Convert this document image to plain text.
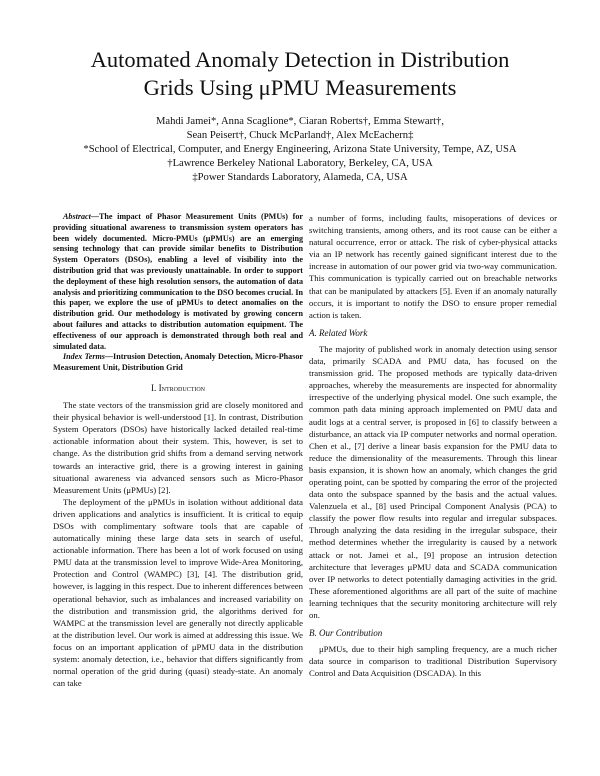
Automated Anomaly Detection in Distribution
Grids Using μPMU Measurements
Mahdi Jamei*, Anna Scaglione*, Ciaran Roberts†, Emma Stewart†,
Sean Peisert†, Chuck McParland†, Alex McEachern‡
*School of Electrical, Computer, and Energy Engineering, Arizona State University, Tempe, AZ, USA
†Lawrence Berkeley National Laboratory, Berkeley, CA, USA
‡Power Standards Laboratory, Alameda, CA, USA

Abstract—The impact of Phasor Measurement Units (PMUs) for providing situational awareness to transmission system operators has been widely documented. Micro-PMUs (μPMUs) are an emerging sensing technology that can provide similar benefits to Distribution System Operators (DSOs), enabling a level of visibility into the distribution grid that was previously unattainable. In order to support the deployment of these high resolution sensors, the automation of data analysis and prioritizing communication to the DSO becomes crucial. In this paper, we explore the use of μPMUs to detect anomalies on the distribution grid. Our methodology is motivated by growing concern about failures and attacks to distribution automation equipment. The effectiveness of our approach is demonstrated through both real and simulated data.

Index Terms—Intrusion Detection, Anomaly Detection, Micro-Phasor Measurement Unit, Distribution Grid

I. Introduction

The state vectors of the transmission grid are closely monitored and their physical behavior is well-understood [1]. In contrast, Distribution System Operators (DSOs) have historically lacked detailed real-time actionable information about their system. This, however, is set to change. As the distribution grid shifts from a demand serving network towards an interactive grid, there is a growing interest in gaining situational awareness via advanced sensors such as Micro-Phasor Measurement Units (μPMUs) [2].

The deployment of the μPMUs in isolation without additional data driven applications and analytics is insufficient. It is critical to equip DSOs with complimentary software tools that are capable of automatically mining these large data sets in search of useful, actionable information. There has been a lot of work focused on using PMU data at the transmission level to improve Wide-Area Monitoring, Protection and Control (WAMPC) [3], [4]. The distribution grid, however, is lagging in this respect. Due to inherent differences between operational behavior, such as imbalances and increased variability on the distribution and transmission grid, the algorithms derived for WAMPC at the transmission level are generally not directly applicable at the distribution level. Our work is aimed at addressing this issue. We focus on an important application of μPMU data in the distribution system: anomaly detection, i.e., behavior that differs significantly from normal operation of the grid during (quasi) steady-state. An anomaly can take

a number of forms, including faults, misoperations of devices or switching transients, among others, and its root cause can be either a natural occurrence, error or attack. The risk of cyber-physical attacks via an IP network has recently gained significant interest due to the increase in automation of our power grid via two-way communication. This communication is typically carried out on breachable networks that can be manipulated by attackers [5]. Even if an anomaly naturally occurs, it is important to notify the DSO to ensure proper remedial action is taken.

A. Related Work

The majority of published work in anomaly detection using sensor data, primarily SCADA and PMU data, has focused on the transmission grid. The proposed methods are typically data-driven approaches, whereby the measurements are inspected for abnormality irrespective of the underlying physical model. One such example, the common path data mining approach implemented on PMU data and audit logs at a central server, is proposed in [6] to classify between a disturbance, an attack via IP computer networks and normal operation. Chen et al., [7] derive a linear basis expansion for the PMU data to reduce the dimensionality of the measurements. Through this linear basis expansion, it is shown how an anomaly, which changes the grid operating point, can be spotted by comparing the error of the projected data onto the subspace spanned by the basis and the actual values. Valenzuela et al., [8] used Principal Component Analysis (PCA) to classify the power flow results into regular and irregular subspaces. Through analyzing the data residing in the irregular subspace, their method determines whether the irregularity is caused by a network attack or not. Jamei et al., [9] propose an intrusion detection architecture that leverages μPMU data and SCADA communication over IP networks to detect potentially damaging activities in the grid. These aforementioned algorithms are all part of the suite of machine learning techniques that the security monitoring architecture will rely on.

B. Our Contribution

μPMUs, due to their high sampling frequency, are a much richer data source in comparison to traditional Distribution Supervisory Control and Data Acquisition (DSCADA). In this
